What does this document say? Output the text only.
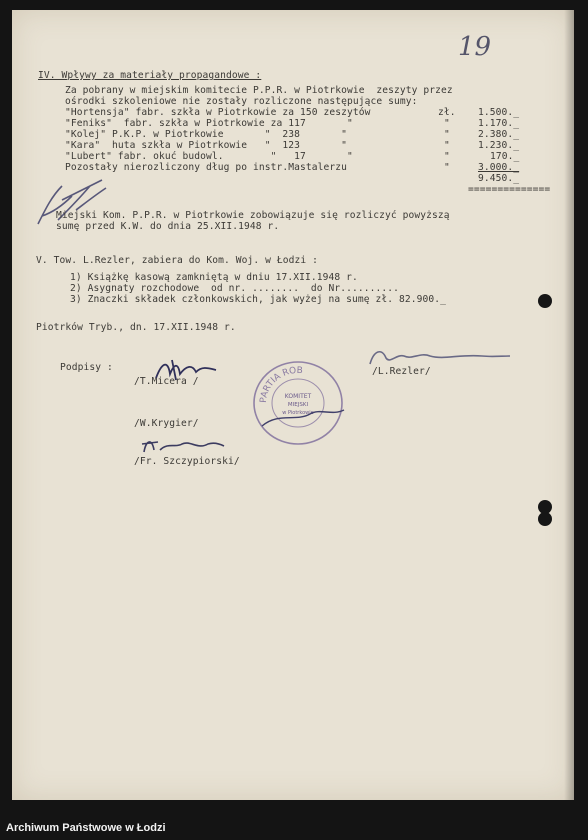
19
IV. Wpływy za materiały propagandowe :
Za pobrany w miejskim komitecie P.P.R. w Piotrkowie  zeszyty przez
ośrodki szkoleniowe nie zostały rozliczone następujące sumy:
"Hortensja" fabr. szkła w Piotrkowie za 150 zeszytów	zł. 1.500._
"Feniks"  fabr. szkła w Piotrkowie za 117       "	"	1.170._
"Kolej" P.K.P. w Piotrkowie       "  238       "	"	2.380._
"Kara"  huta szkła w Piotrkowie   "  123       "	"	1.230._
"Lubert" fabr. okuć budowl.        "   17       "	"	170._
Pozostały nierozliczony dług po instr.Mastalerzu	"	3.000._
9.450._
==============
Miejski Kom. P.P.R. w Piotrkowie zobowiązuje się rozliczyć powyższą
sumę przed K.W. do dnia 25.XII.1948 r.
V. Tow. L.Rezler, zabiera do Kom. Woj. w Łodzi :
1) Książkę kasową zamkniętą w dniu 17.XII.1948 r.
2) Asygnaty rozchodowe  od nr. ........  do Nr..........
3) Znaczki składek członkowskich, jak wyżej na sumę zł. 82.900._
Piotrków Tryb., dn. 17.XII.1948 r.
Podpisy :
/T.Micera /
/L.Rezler/
/W.Krygier/
/Fr. Szczypiorski/
PARTIA ROB
KOMITET
MIEJSKI
w Piotrkowie
Archiwum Państwowe w Łodzi
